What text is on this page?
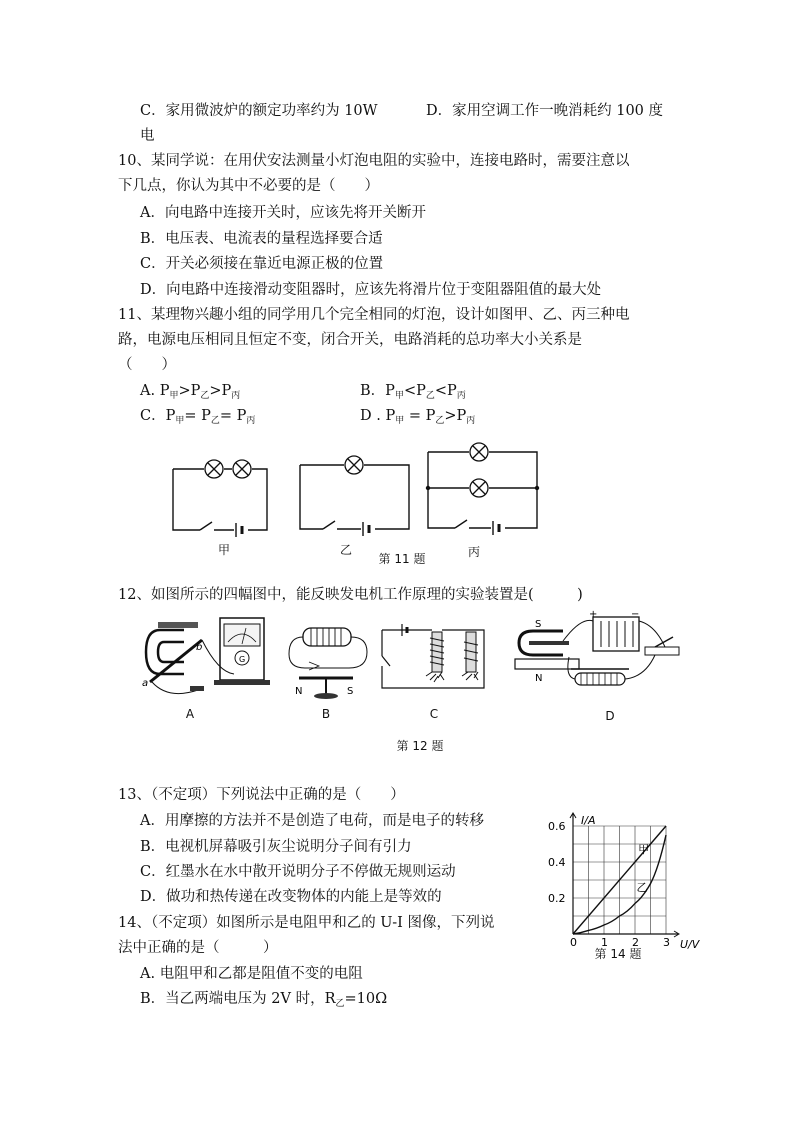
C．家用微波炉的额定功率约为 10W	D．家用空调工作一晚消耗约 100 度
电
10、某同学说：在用伏安法测量小灯泡电阻的实验中，连接电路时，需要注意以
下几点，你认为其中不必要的是（　　）
A．向电路中连接开关时，应该先将开关断开
B．电压表、电流表的量程选择要合适
C．开关必须接在靠近电源正极的位置
D．向电路中连接滑动变阻器时，应该先将滑片位于变阻器阻值的最大处
11、某理物兴趣小组的同学用几个完全相同的灯泡，设计如图甲、乙、丙三种电
路，电源电压相同且恒定不变，闭合开关，电路消耗的总功率大小关系是
（　　）
A. $P_甲>P_乙>P_丙$	B．$P_甲<P_乙<P_丙$
C．$P_甲= P_乙= P_丙$	D . $P_甲 = P_乙>P_丙$
甲	乙	丙
第 11 题
12、如图所示的四幅图中，能反映发电机工作原理的实验装置是(　　　)
a
b
G
A
N	S
B	C
S
N
+	−
D
第 12 题
13、（不定项）下列说法中正确的是（　　）
A．用摩擦的方法并不是创造了电荷，而是电子的转移
B．电视机屏幕吸引灰尘说明分子间有引力
C．红墨水在水中散开说明分子不停做无规则运动
D．做功和热传递在改变物体的内能上是等效的
14、（不定项）如图所示是电阻甲和乙的 U-I 图像，下列说
法中正确的是（　　　）
A. 电阻甲和乙都是阻值不变的电阻
B．当乙两端电压为 2V 时，$R_乙=10\Omega$
0 1 2 3
0.2
0.4
0.6
U/V
I/A
甲
乙
第 14 题
